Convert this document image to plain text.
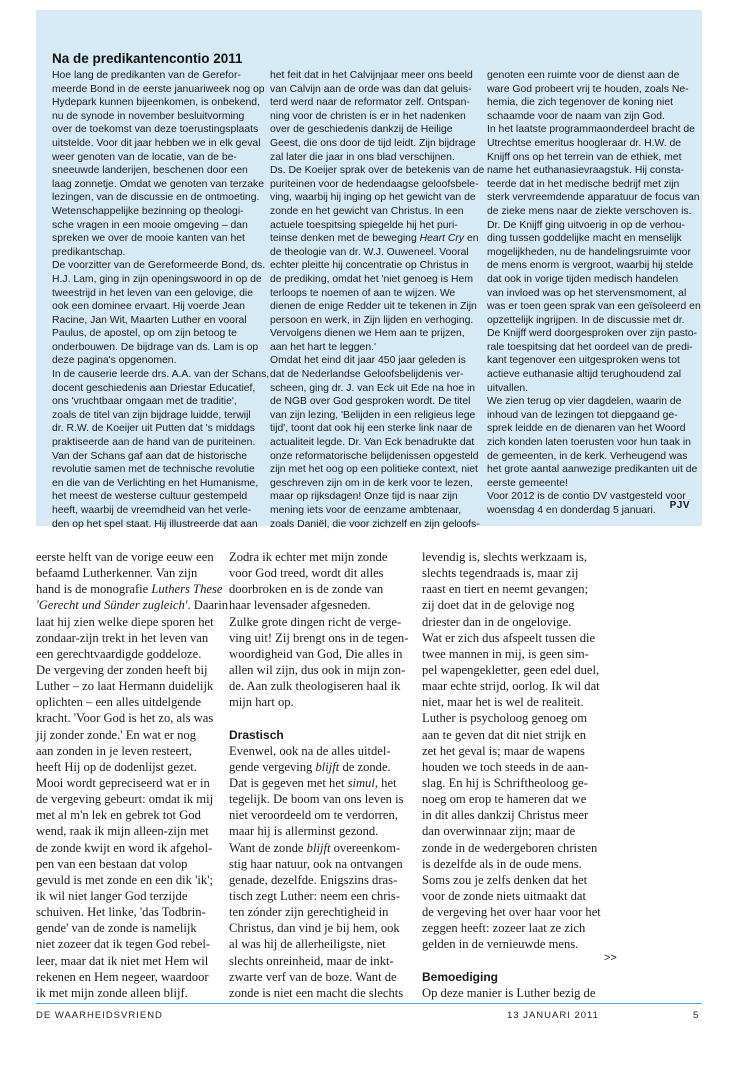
Na de predikantencontio 2011
Hoe lang de predikanten van de Gerefor-
meerde Bond in de eerste januariweek nog op
Hydepark kunnen bijeenkomen, is onbekend,
nu de synode in november besluitvorming
over de toekomst van deze toerustingsplaats
uitstelde. Voor dit jaar hebben we in elk geval
weer genoten van de locatie, van de be-
sneeuwde landerijen, beschenen door een
laag zonnetje. Omdat we genoten van terzake
lezingen, van de discussie en de ontmoeting.
Wetenschappelijke bezinning op theologi-
sche vragen in een mooie omgeving – dan
spreken we over de mooie kanten van het
predikantschap.
De voorzitter van de Gereformeerde Bond, ds.
H.J. Lam, ging in zijn openingswoord in op de
tweestrijd in het leven van een gelovige, die
ook een dominee ervaart. Hij voerde Jean
Racine, Jan Wit, Maarten Luther en vooral
Paulus, de apostel, op om zijn betoog te
onderbouwen. De bijdrage van ds. Lam is op
deze pagina's opgenomen.
In de causerie leerde drs. A.A. van der Schans,
docent geschiedenis aan Driestar Educatief,
ons 'vruchtbaar omgaan met de traditie',
zoals de titel van zijn bijdrage luidde, terwijl
dr. R.W. de Koeijer uit Putten dat 's middags
praktiseerde aan de hand van de puriteinen.
Van der Schans gaf aan dat de historische
revolutie samen met de technische revolutie
en die van de Verlichting en het Humanisme,
het meest de westerse cultuur gestempeld
heeft, waarbij de vreemdheid van het verle-
den op het spel staat. Hij illustreerde dat aan
het feit dat in het Calvijnjaar meer ons beeld
van Calvijn aan de orde was dan dat geluis-
terd werd naar de reformator zelf. Ontspan-
ning voor de christen is er in het nadenken
over de geschiedenis dankzij de Heilige
Geest, die ons door de tijd leidt. Zijn bijdrage
zal later die jaar in ons blad verschijnen.
Ds. De Koeijer sprak over de betekenis van de
puriteinen voor de hedendaagse geloofsbele-
ving, waarbij hij inging op het gewicht van de
zonde en het gewicht van Christus. In een
actuele toespitsing spiegelde hij het puri-
teinse denken met de beweging Heart Cry en
de theologie van dr. W.J. Ouweneel. Vooral
echter pleitte hij concentratie op Christus in
de prediking, omdat het 'niet genoeg is Hem
terloops te noemen of aan te wijzen. We
dienen de enige Redder uit te tekenen in Zijn
persoon en werk, in Zijn lijden en verhoging.
Vervolgens dienen we Hem aan te prijzen,
aan het hart te leggen.'
Omdat het eind dit jaar 450 jaar geleden is
dat de Nederlandse Geloofsbelijdenis ver-
scheen, ging dr. J. van Eck uit Ede na hoe in
de NGB over God gesproken wordt. De titel
van zijn lezing, 'Belijden in een religieus lege
tijd', toont dat ook hij een sterke link naar de
actualiteit legde. Dr. Van Eck benadrukte dat
onze reformatorische belijdenissen opgesteld
zijn met het oog op een politieke context, niet
geschreven zijn om in de kerk voor te lezen,
maar op rijksdagen! Onze tijd is naar zijn
mening iets voor de eenzame ambtenaar,
zoals Daniël, die voor zichzelf en zijn geloofs-
genoten een ruimte voor de dienst aan de
ware God probeert vrij te houden, zoals Ne-
hemia, die zich tegenover de koning niet
schaamde voor de naam van zijn God.
In het laatste programmaonderdeel bracht de
Utrechtse emeritus hoogleraar dr. H.W. de
Knijff ons op het terrein van de ethiek, met
name het euthanasievraagstuk. Hij consta-
teerde dat in het medische bedrijf met zijn
sterk vervreemdende apparatuur de focus van
de zieke mens naar de ziekte verschoven is.
Dr. De Knijff ging uitvoerig in op de verhou-
ding tussen goddelijke macht en menselijk
mogelijkheden, nu de handelingsruimte voor
de mens enorm is vergroot, waarbij hij stelde
dat ook in vorige tijden medisch handelen
van invloed was op het stervensmoment, al
was er toen geen sprak van een geïsoleerd en
opzettelijk ingrijpen. In de discussie met dr.
De Knijff werd doorgesproken over zijn pasto-
rale toespitsing dat het oordeel van de predi-
kant tegenover een uitgesproken wens tot
actieve euthanasie altijd terughoudend zal
uitvallen.
We zien terug op vier dagdelen, waarin de
inhoud van de lezingen tot diepgaand ge-
sprek leidde en de dienaren van het Woord
zich konden laten toerusten voor hun taak in
de gemeenten, in de kerk. Verheugend was
het grote aantal aanwezige predikanten uit de
eerste gemeente!
Voor 2012 is de contio DV vastgesteld voor
woensdag 4 en donderdag 5 januari.	PJV
eerste helft van de vorige eeuw een
befaamd Lutherkenner. Van zijn
hand is de monografie Luthers These
'Gerecht und Sünder zugleich'. Daarin
laat hij zien welke diepe sporen het
zondaar-zijn trekt in het leven van
een gerechtvaardigde goddeloze.
De vergeving der zonden heeft bij
Luther – zo laat Hermann duidelijk
oplichten – een alles uitdelgende
kracht. 'Voor God is het zo, als was
jij zonder zonde.' En wat er nog
aan zonden in je leven resteert,
heeft Hij op de dodenlijst gezet.
Mooi wordt gepreciseerd wat er in
de vergeving gebeurt: omdat ik mij
met al m'n lek en gebrek tot God
wend, raak ik mijn alleen-zijn met
de zonde kwijt en word ik afgehol-
pen van een bestaan dat volop
gevuld is met zonde en een dik 'ik';
ik wil niet langer God terzijde
schuiven. Het linke, 'das Todbrin-
gende' van de zonde is namelijk
niet zozeer dat ik tegen God rebel-
leer, maar dat ik niet met Hem wil
rekenen en Hem negeer, waardoor
ik met mijn zonde alleen blijf.
Zodra ik echter met mijn zonde
voor God treed, wordt dit alles
doorbroken en is de zonde van
haar levensader afgesneden.
Zulke grote dingen richt de verge-
ving uit! Zij brengt ons in de tegen-
woordigheid van God, Die alles in
allen wil zijn, dus ook in mijn zon-
de. Aan zulk theologiseren haal ik
mijn hart op.
Drastisch
Evenwel, ook na de alles uitdel-
gende vergeving blijft de zonde.
Dat is gegeven met het simul, het
tegelijk. De boom van ons leven is
niet veroordeeld om te verdorren,
maar hij is allerminst gezond.
Want de zonde blijft overeenkom-
stig haar natuur, ook na ontvangen
genade, dezelfde. Enigszins dras-
tisch zegt Luther: neem een chris-
ten zónder zijn gerechtigheid in
Christus, dan vind je bij hem, ook
al was hij de allerheiligste, niet
slechts onreinheid, maar de inkt-
zwarte verf van de boze. Want de
zonde is niet een macht die slechts
levendig is, slechts werkzaam is,
slechts tegendraads is, maar zij
raast en tiert en neemt gevangen;
zij doet dat in de gelovige nog
driester dan in de ongelovige.
Wat er zich dus afspeelt tussen die
twee mannen in mij, is geen sim-
pel wapengekletter, geen edel duel,
maar echte strijd, oorlog. Ik wil dat
niet, maar het is wel de realiteit.
Luther is psycholoog genoeg om
aan te geven dat dit niet strijk en
zet het geval is; maar de wapens
houden we toch steeds in de aan-
slag. En hij is Schriftheoloog ge-
noeg om erop te hameren dat we
in dit alles dankzij Christus meer
dan overwinnaar zijn; maar de
zonde in de wedergeboren christen
is dezelfde als in de oude mens.
Soms zou je zelfs denken dat het
voor de zonde niets uitmaakt dat
de vergeving het over haar voor het
zeggen heeft: zozeer laat ze zich
gelden in de vernieuwde mens.
Bemoediging
Op deze manier is Luther bezig de
>>
DE WAARHEIDSVRIEND	13 JANUARI 2011	5
